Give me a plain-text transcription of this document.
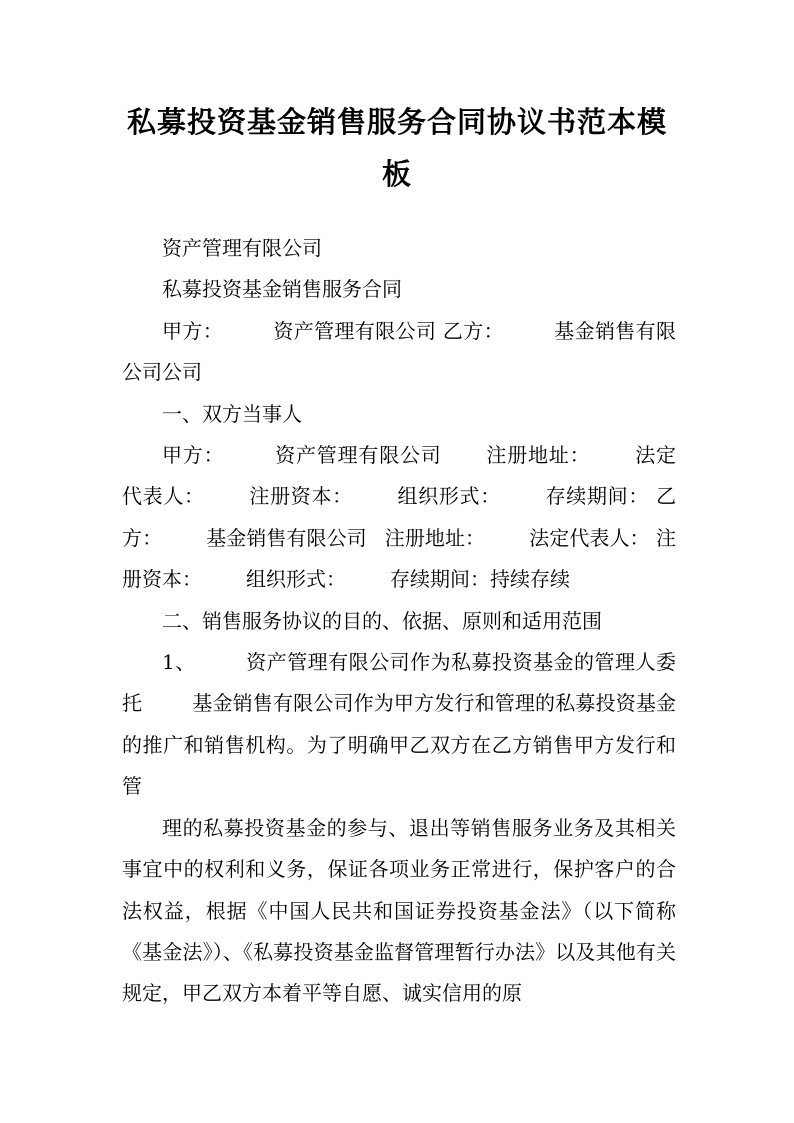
私募投资基金销售服务合同协议书范本模
板

资产管理有限公司

私募投资基金销售服务合同

甲方：	资产管理有限公司 乙方：	基金销售有限公司公司

一、双方当事人

甲方：	资产管理有限公司 注册地址： 法定代表人： 注册资本： 组织形式： 存续期间： 乙方： 基金销售有限公司 注册地址： 法定代表人： 注册资本： 组织形式： 存续期间：持续存续

二、销售服务协议的目的、依据、原则和适用范围

1、	资产管理有限公司作为私募投资基金的管理人委托	基金销售有限公司作为甲方发行和管理的私募投资基金的推广和销售机构。为了明确甲乙双方在乙方销售甲方发行和管

理的私募投资基金的参与、退出等销售服务业务及其相关事宜中的权利和义务，保证各项业务正常进行，保护客户的合法权益，根据《中国人民共和国证券投资基金法》（以下简称《基金法》）、《私募投资基金监督管理暂行办法》以及其他有关规定，甲乙双方本着平等自愿、诚实信用的原
